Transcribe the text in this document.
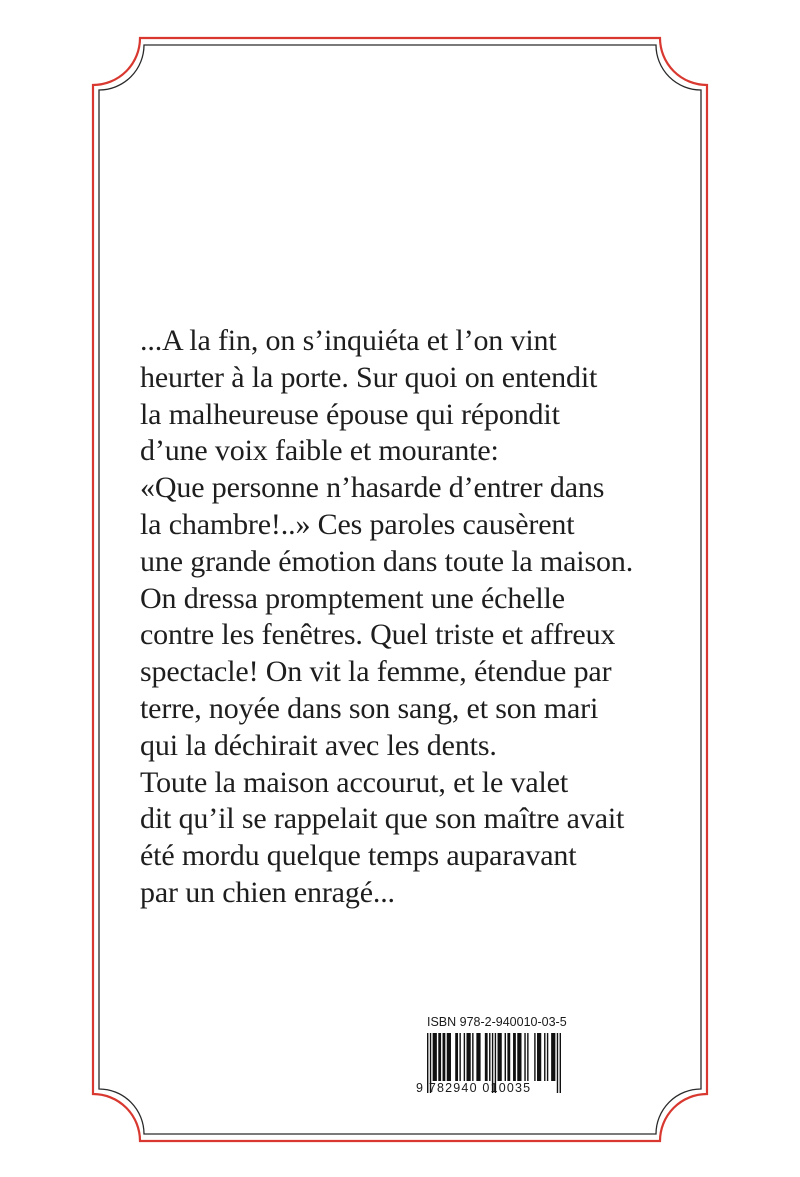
...A la fin, on s’inquiéta et l’on vint
heurter à la porte. Sur quoi on entendit
la malheureuse épouse qui répondit
d’une voix faible et mourante:
«Que personne n’hasarde d’entrer dans
la chambre!..» Ces paroles causèrent
une grande émotion dans toute la maison.
On dressa promptement une échelle
contre les fenêtres. Quel triste et affreux
spectacle! On vit la femme, étendue par
terre, noyée dans son sang, et son mari
qui la déchirait avec les dents.
Toute la maison accourut, et le valet
dit qu’il se rappelait que son maître avait
été mordu quelque temps auparavant
par un chien enragé...
ISBN 978-2-940010-03-5
9 782940 010035
